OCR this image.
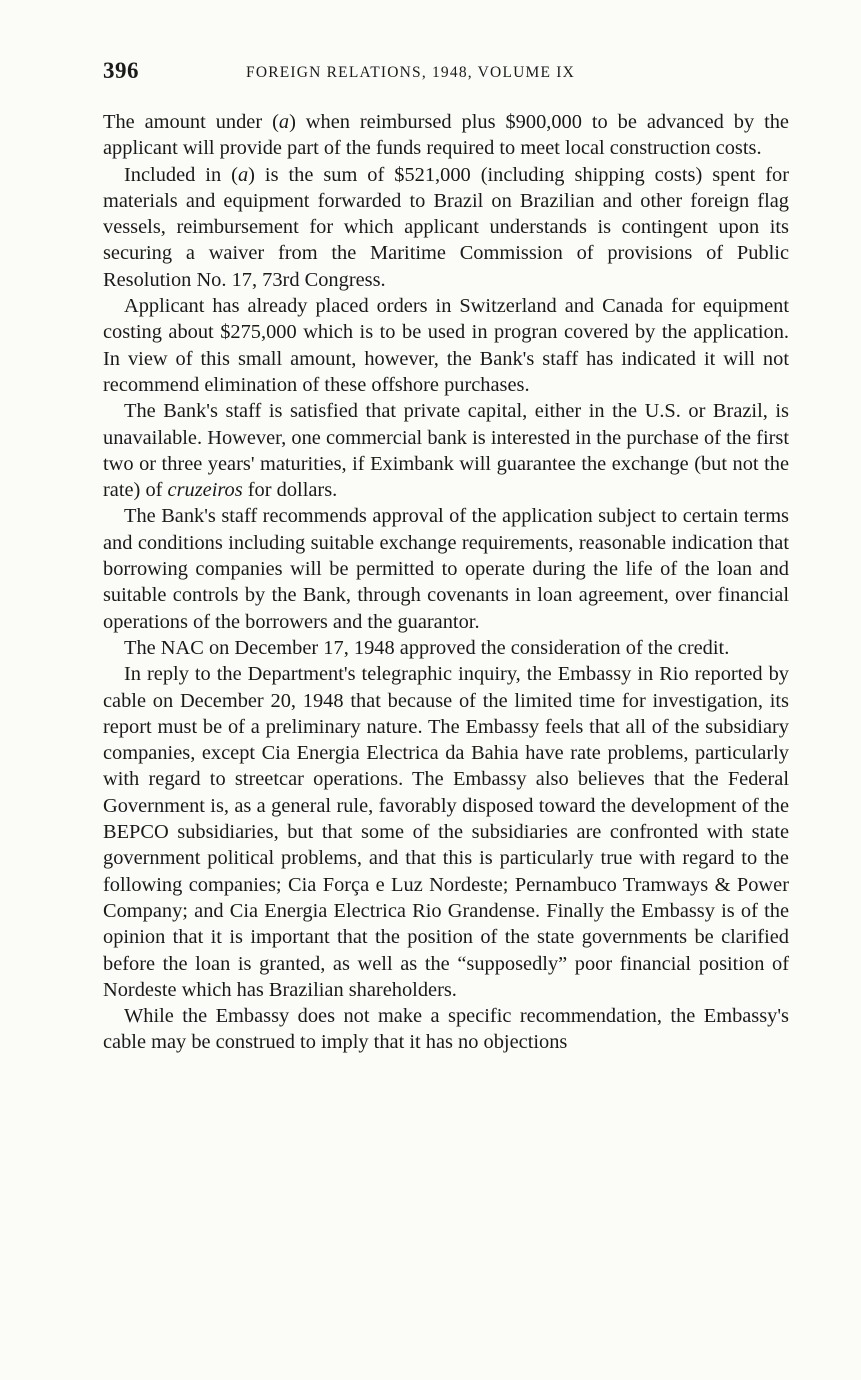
396	FOREIGN RELATIONS, 1948, VOLUME IX

The amount under (a) when reimbursed plus $900,000 to be advanced by the applicant will provide part of the funds required to meet local construction costs.

Included in (a) is the sum of $521,000 (including shipping costs) spent for materials and equipment forwarded to Brazil on Brazilian and other foreign flag vessels, reimbursement for which applicant understands is contingent upon its securing a waiver from the Maritime Commission of provisions of Public Resolution No. 17, 73rd Congress.

Applicant has already placed orders in Switzerland and Canada for equipment costing about $275,000 which is to be used in progran covered by the application. In view of this small amount, however, the Bank's staff has indicated it will not recommend elimination of these offshore purchases.

The Bank's staff is satisfied that private capital, either in the U.S. or Brazil, is unavailable. However, one commercial bank is interested in the purchase of the first two or three years' maturities, if Eximbank will guarantee the exchange (but not the rate) of cruzeiros for dollars.

The Bank's staff recommends approval of the application subject to certain terms and conditions including suitable exchange requirements, reasonable indication that borrowing companies will be permitted to operate during the life of the loan and suitable controls by the Bank, through covenants in loan agreement, over financial operations of the borrowers and the guarantor.

The NAC on December 17, 1948 approved the consideration of the credit.

In reply to the Department's telegraphic inquiry, the Embassy in Rio reported by cable on December 20, 1948 that because of the limited time for investigation, its report must be of a preliminary nature. The Embassy feels that all of the subsidiary companies, except Cia Energia Electrica da Bahia have rate problems, particularly with regard to streetcar operations. The Embassy also believes that the Federal Government is, as a general rule, favorably disposed toward the development of the BEPCO subsidiaries, but that some of the subsidiaries are confronted with state government political problems, and that this is particularly true with regard to the following companies; Cia Força e Luz Nordeste; Pernambuco Tramways & Power Company; and Cia Energia Electrica Rio Grandense. Finally the Embassy is of the opinion that it is important that the position of the state governments be clarified before the loan is granted, as well as the “supposedly” poor financial position of Nordeste which has Brazilian shareholders.

While the Embassy does not make a specific recommendation, the Embassy's cable may be construed to imply that it has no objections
